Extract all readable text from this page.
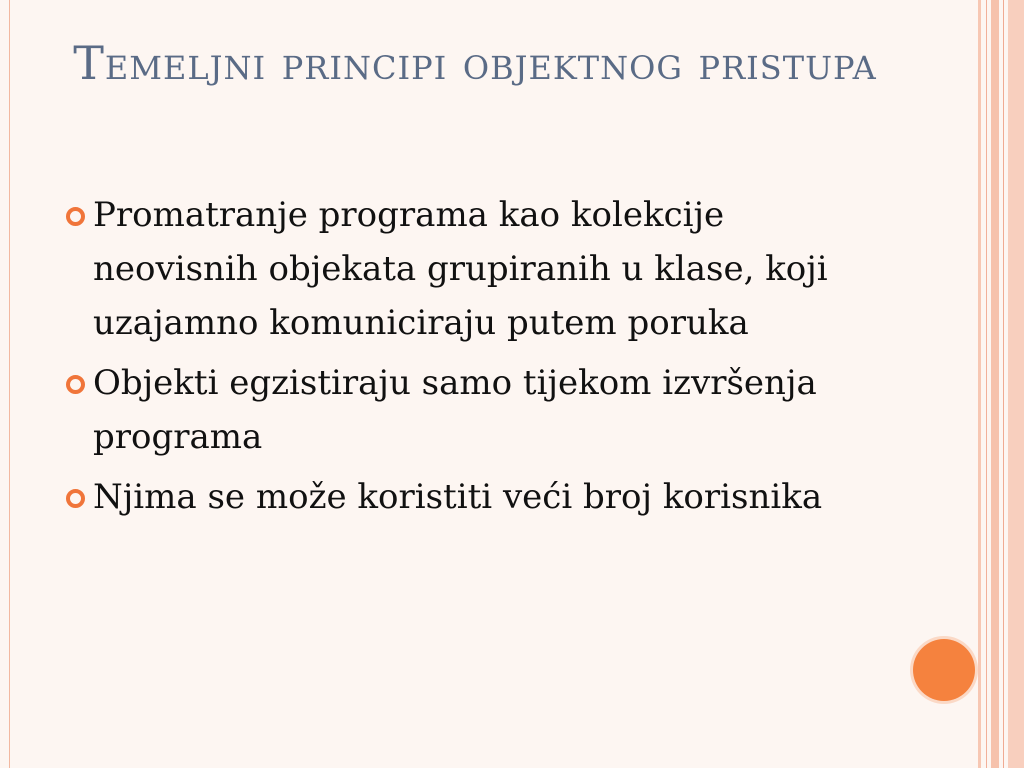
Temeljni principi objektnog pristupa
Promatranje programa kao kolekcije neovisnih objekata grupiranih u klase, koji uzajamno komuniciraju putem poruka
Objekti egzistiraju samo tijekom izvršenja programa
Njima se može koristiti veći broj korisnika
